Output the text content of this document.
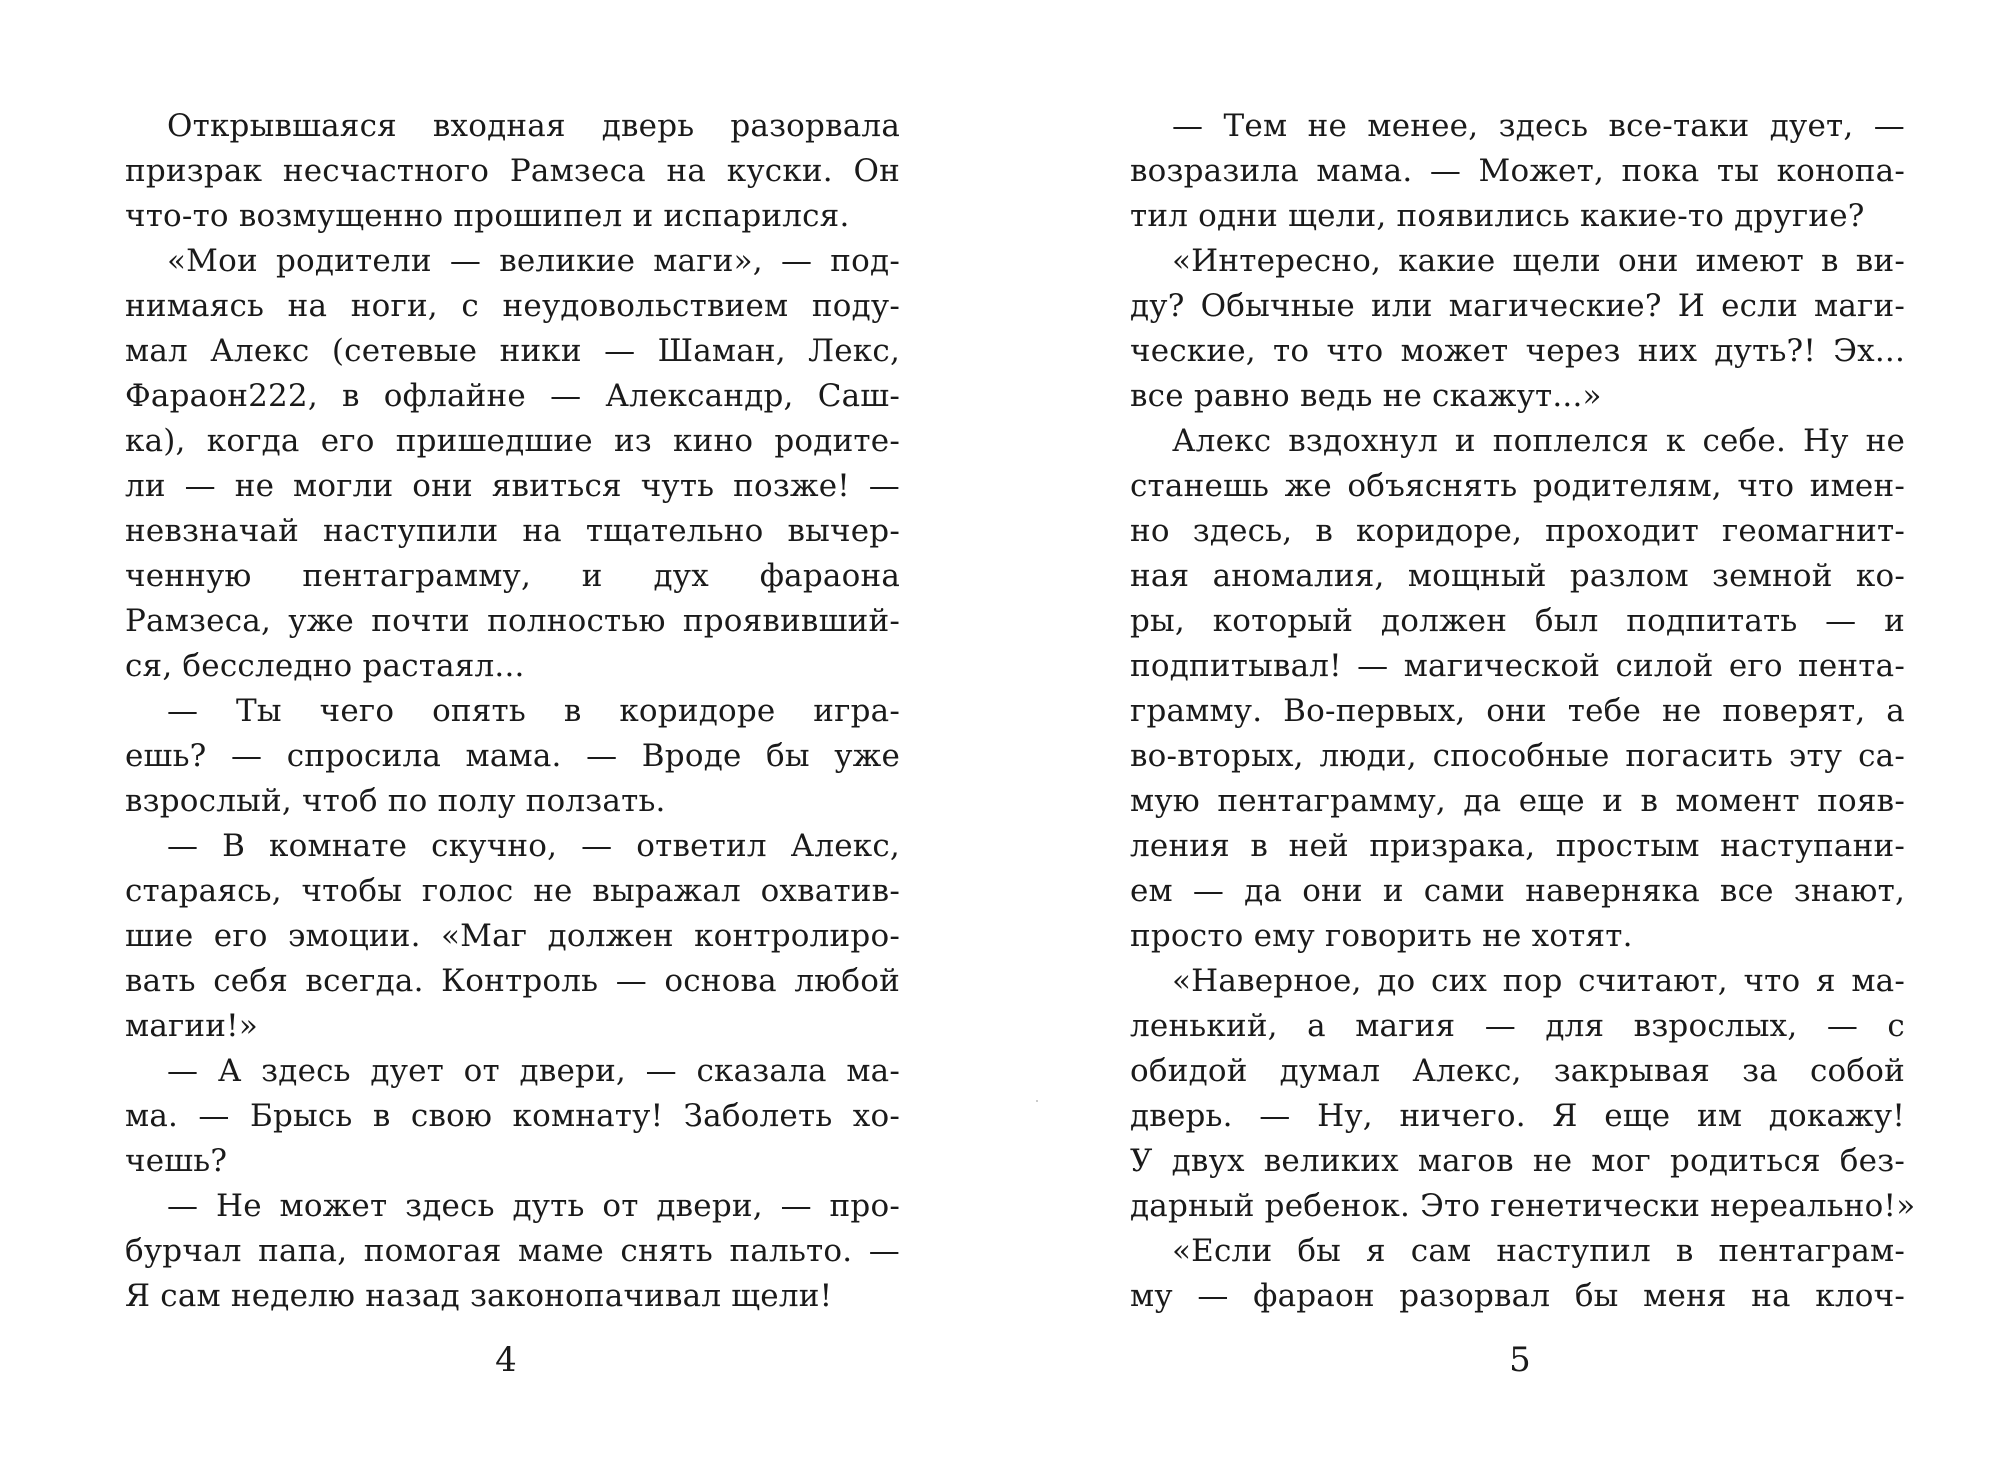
Открывшаяся входная дверь разорвала
призрак несчастного Рамзеса на куски. Он
что-то возмущенно прошипел и испарился.
«Мои родители — великие маги», — под-
нимаясь на ноги, с неудовольствием поду-
мал Алекс (сетевые ники — Шаман, Лекс,
Фараон222, в офлайне — Александр, Саш-
ка), когда его пришедшие из кино родите-
ли — не могли они явиться чуть позже! —
невзначай наступили на тщательно вычер-
ченную пентаграмму, и дух фараона
Рамзеса, уже почти полностью проявивший-
ся, бесследно растаял...
— Ты чего опять в коридоре игра-
ешь? — спросила мама. — Вроде бы уже
взрослый, чтоб по полу ползать.
— В комнате скучно, — ответил Алекс,
стараясь, чтобы голос не выражал охватив-
шие его эмоции. «Маг должен контролиро-
вать себя всегда. Контроль — основа любой
магии!»
— А здесь дует от двери, — сказала ма-
ма. — Брысь в свою комнату! Заболеть хо-
чешь?
— Не может здесь дуть от двери, — про-
бурчал папа, помогая маме снять пальто. —
Я сам неделю назад законопачивал щели!
4
— Тем не менее, здесь все-таки дует, —
возразила мама. — Может, пока ты конопа-
тил одни щели, появились какие-то другие?
«Интересно, какие щели они имеют в ви-
ду? Обычные или магические? И если маги-
ческие, то что может через них дуть?! Эх...
все равно ведь не скажут...»
Алекс вздохнул и поплелся к себе. Ну не
станешь же объяснять родителям, что имен-
но здесь, в коридоре, проходит геомагнит-
ная аномалия, мощный разлом земной ко-
ры, который должен был подпитать — и
подпитывал! — магической силой его пента-
грамму. Во-первых, они тебе не поверят, а
во-вторых, люди, способные погасить эту са-
мую пентаграмму, да еще и в момент появ-
ления в ней призрака, простым наступани-
ем — да они и сами наверняка все знают,
просто ему говорить не хотят.
«Наверное, до сих пор считают, что я ма-
ленький, а магия — для взрослых, — с
обидой думал Алекс, закрывая за собой
дверь. — Ну, ничего. Я еще им докажу!
У двух великих магов не мог родиться без-
дарный ребенок. Это генетически нереально!»
«Если бы я сам наступил в пентаграм-
му — фараон разорвал бы меня на клоч-
5
